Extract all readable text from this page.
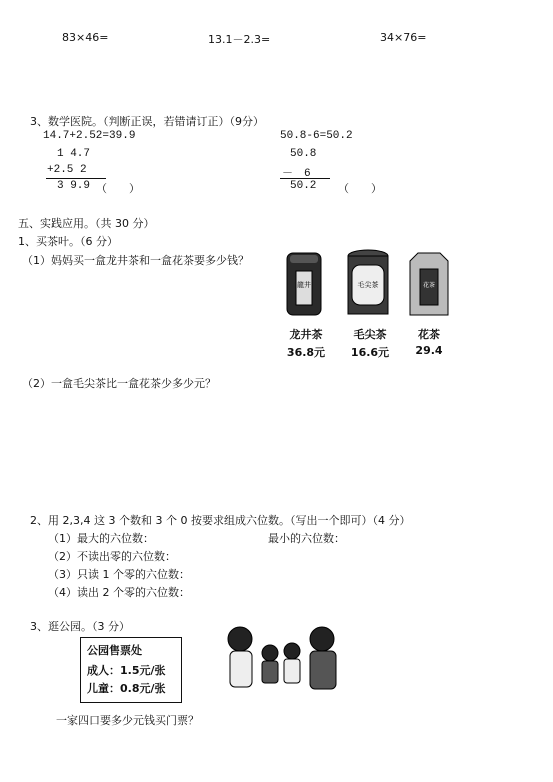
83×46=	13.1－2.3=	34×76=
3、数学医院。（判断正误，若错请订正）（9分）
14.7+2.52=39.9
1 4.7
+2.5 2
3 9.9 （　　）
50.8-6=50.2
50.8
－　6
50.2 （　　）
五、实践应用。（共 30 分）
1、买茶叶。（6 分）
（1）妈妈买一盒龙井茶和一盒花茶要多少钱？
龍井	毛尖茶	花茶
龙井茶
36.8元
毛尖茶
16.6元
花茶
29.4
（2）一盒毛尖茶比一盒花茶少多少元？
2、用 2,3,4 这 3 个数和 3 个 0 按要求组成六位数。（写出一个即可）（4 分）
（1）最大的六位数：	最小的六位数：
（2）不读出零的六位数：
（3）只读 1 个零的六位数：
（4）读出 2 个零的六位数：
3、逛公园。（3 分）
公园售票处
成人：1.5元/张
儿童：0.8元/张
一家四口要多少元钱买门票？
